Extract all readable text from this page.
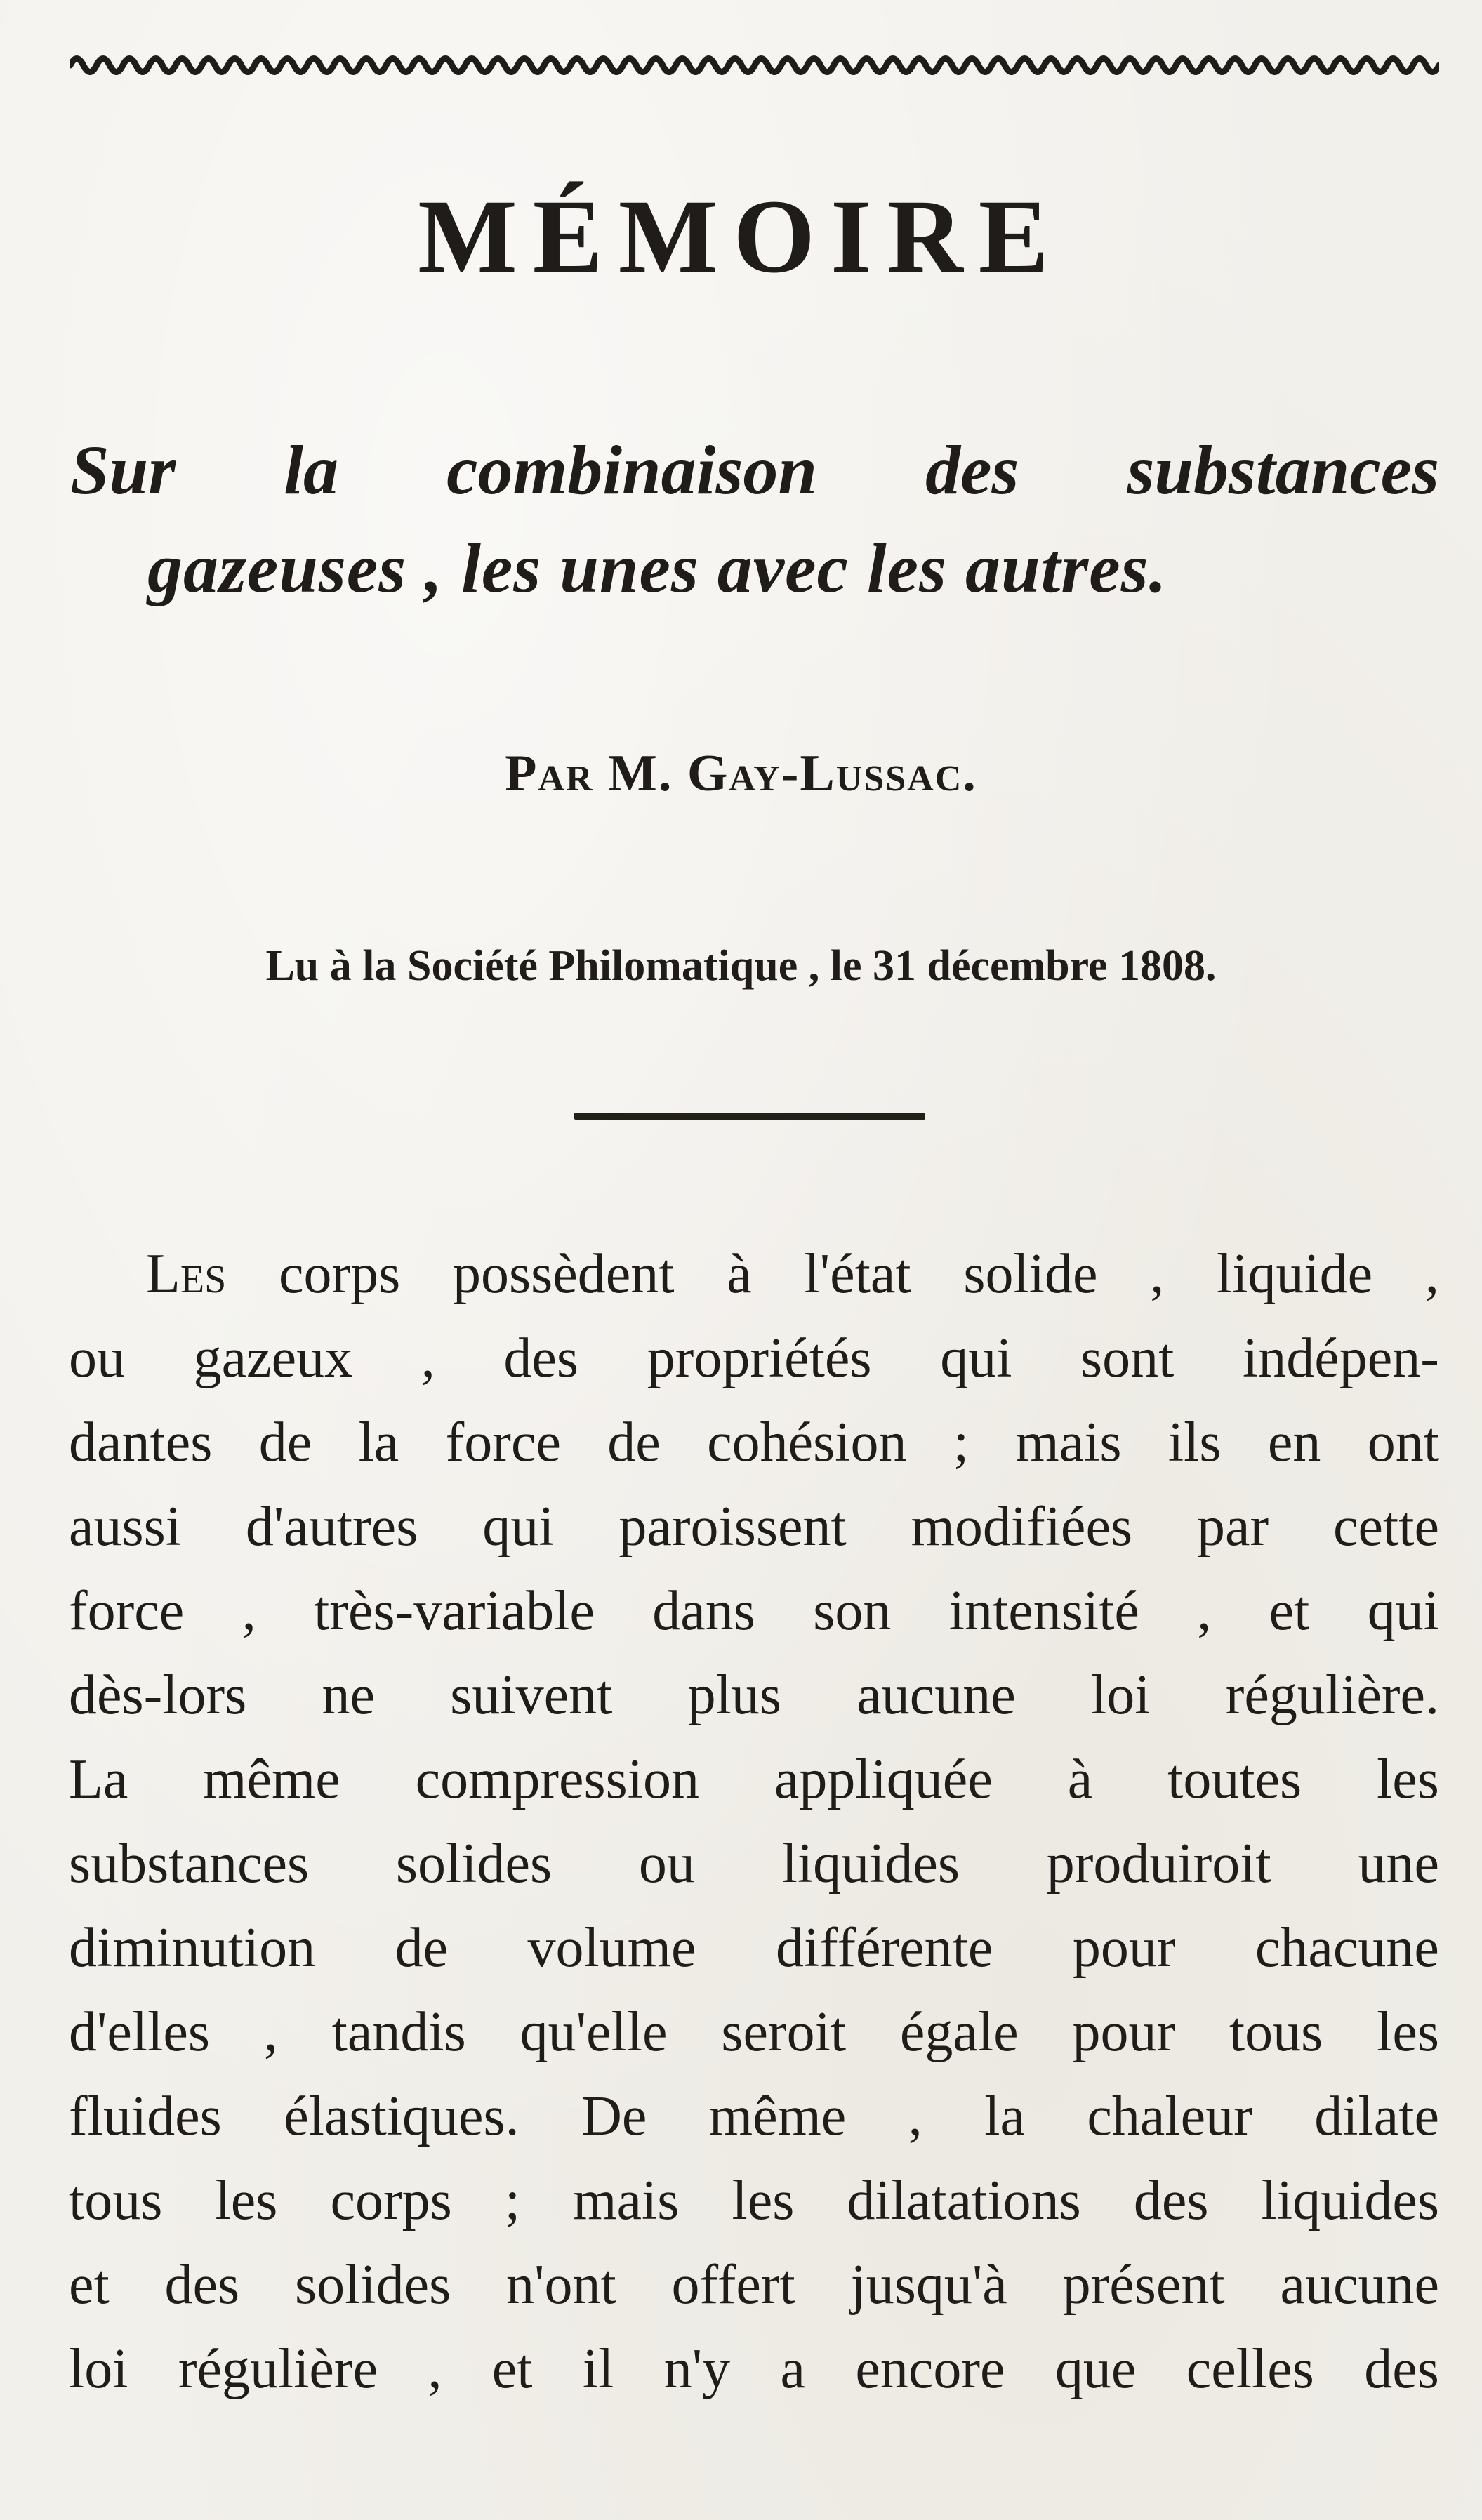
MÉMOIRE
Sur la combinaison des substances
gazeuses , les unes avec les autres.
Par M. Gay-Lussac.
Lu à la Société Philomatique , le 31 décembre 1808.
Les corps possèdent à l'état solide , liquide ,
ou gazeux , des propriétés qui sont indépen-
dantes de la force de cohésion ; mais ils en ont
aussi d'autres qui paroissent modifiées par cette
force , très-variable dans son intensité , et qui
dès-lors ne suivent plus aucune loi régulière.
La même compression appliquée à toutes les
substances solides ou liquides produiroit une
diminution de volume différente pour chacune
d'elles , tandis qu'elle seroit égale pour tous les
fluides élastiques. De même , la chaleur dilate
tous les corps ; mais les dilatations des liquides
et des solides n'ont offert jusqu'à présent aucune
loi régulière , et il n'y a encore que celles des
